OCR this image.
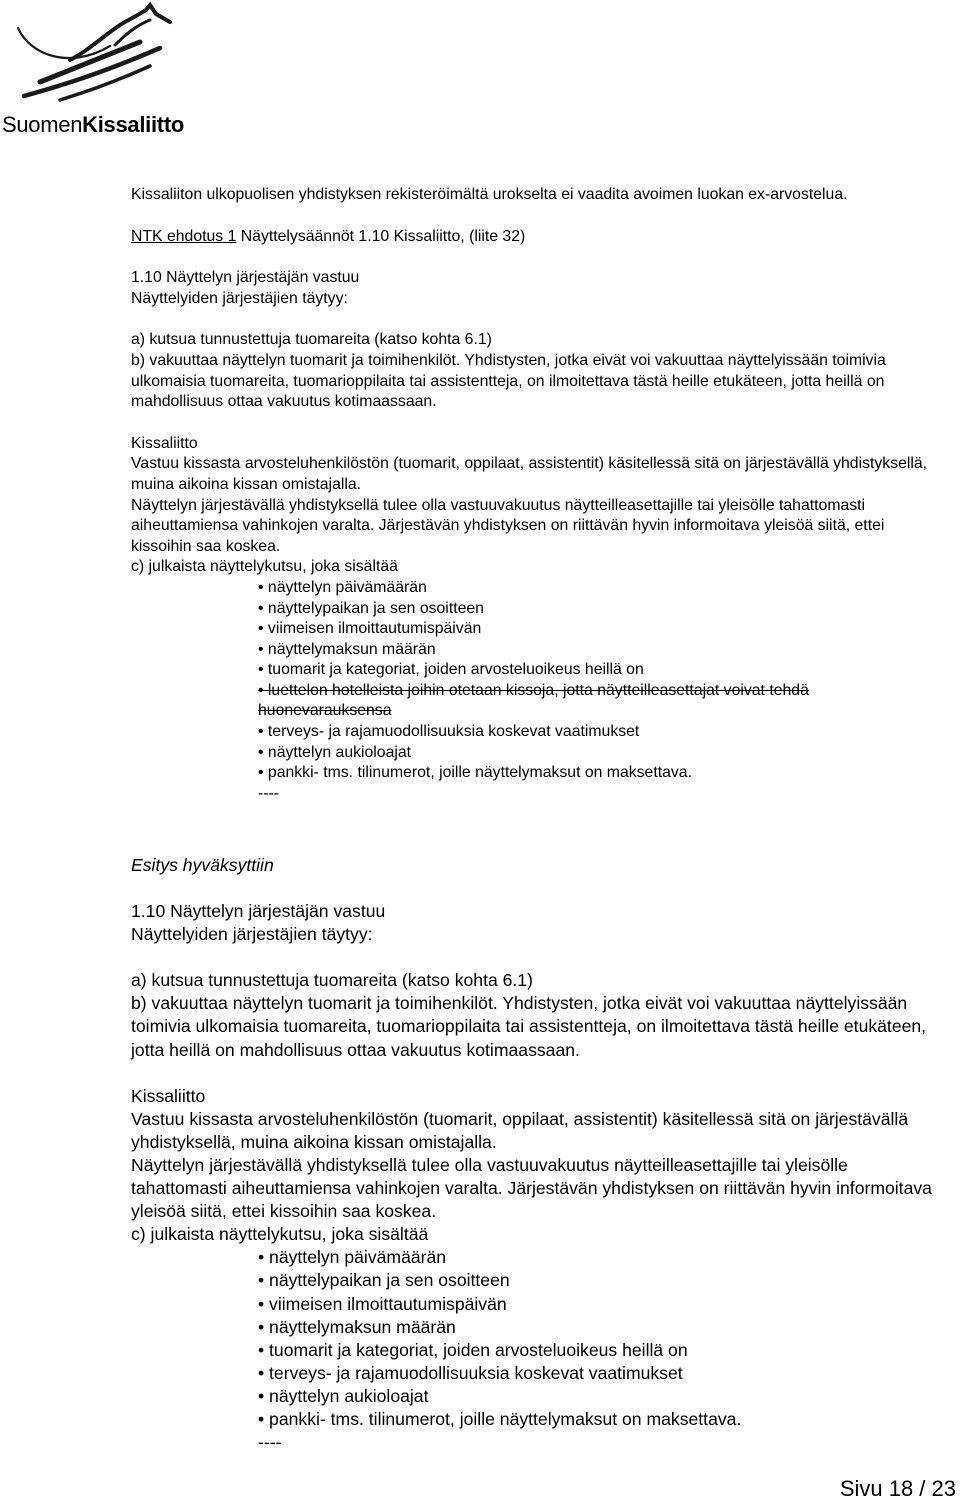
SuomenKissaliitto

Kissaliiton ulkopuolisen yhdistyksen rekisteröimältä urokselta ei vaadita avoimen luokan ex-arvostelua.

NTK ehdotus 1 Näyttelysäännöt 1.10 Kissaliitto, (liite 32)

1.10 Näyttelyn järjestäjän vastuu

Näyttelyiden järjestäjien täytyy:

a) kutsua tunnustettuja tuomareita (katso kohta 6.1)

b) vakuuttaa näyttelyn tuomarit ja toimihenkilöt. Yhdistysten, jotka eivät voi vakuuttaa näyttelyissään toimivia ulkomaisia tuomareita, tuomarioppilaita tai assistentteja, on ilmoitettava tästä heille etukäteen, jotta heillä on mahdollisuus ottaa vakuutus kotimaassaan.

Kissaliitto

Vastuu kissasta arvosteluhenkilöstön (tuomarit, oppilaat, assistentit) käsitellessä sitä on järjestävällä yhdistyksellä, muina aikoina kissan omistajalla.

Näyttelyn järjestävällä yhdistyksellä tulee olla vastuuvakuutus näytteilleasettajille tai yleisölle tahattomasti aiheuttamiensa vahinkojen varalta. Järjestävän yhdistyksen on riittävän hyvin informoitava yleisöä siitä, ettei kissoihin saa koskea.

c) julkaista näyttelykutsu, joka sisältää

• näyttelyn päivämäärän
• näyttelypaikan ja sen osoitteen
• viimeisen ilmoittautumispäivän
• näyttelymaksun määrän
• tuomarit ja kategoriat, joiden arvosteluoikeus heillä on
• luettelon hotelleista joihin otetaan kissoja, jotta näytteilleasettajat voivat tehdä
huonevarauksensa
• terveys- ja rajamuodollisuuksia koskevat vaatimukset
• näyttelyn aukioloajat
• pankki- tms. tilinumerot, joille näyttelymaksut on maksettava.
----

Esitys hyväksyttiin

1.10 Näyttelyn järjestäjän vastuu

Näyttelyiden järjestäjien täytyy:

a) kutsua tunnustettuja tuomareita (katso kohta 6.1)

b) vakuuttaa näyttelyn tuomarit ja toimihenkilöt. Yhdistysten, jotka eivät voi vakuuttaa näyttelyissään toimivia ulkomaisia tuomareita, tuomarioppilaita tai assistentteja, on ilmoitettava tästä heille etukäteen, jotta heillä on mahdollisuus ottaa vakuutus kotimaassaan.

Kissaliitto

Vastuu kissasta arvosteluhenkilöstön (tuomarit, oppilaat, assistentit) käsitellessä sitä on järjestävällä yhdistyksellä, muina aikoina kissan omistajalla.

Näyttelyn järjestävällä yhdistyksellä tulee olla vastuuvakuutus näytteilleasettajille tai yleisölle tahattomasti aiheuttamiensa vahinkojen varalta. Järjestävän yhdistyksen on riittävän hyvin informoitava yleisöä siitä, ettei kissoihin saa koskea.

c) julkaista näyttelykutsu, joka sisältää

• näyttelyn päivämäärän
• näyttelypaikan ja sen osoitteen
• viimeisen ilmoittautumispäivän
• näyttelymaksun määrän
• tuomarit ja kategoriat, joiden arvosteluoikeus heillä on
• terveys- ja rajamuodollisuuksia koskevat vaatimukset
• näyttelyn aukioloajat
• pankki- tms. tilinumerot, joille näyttelymaksut on maksettava.
----
Sivu 18 / 23
